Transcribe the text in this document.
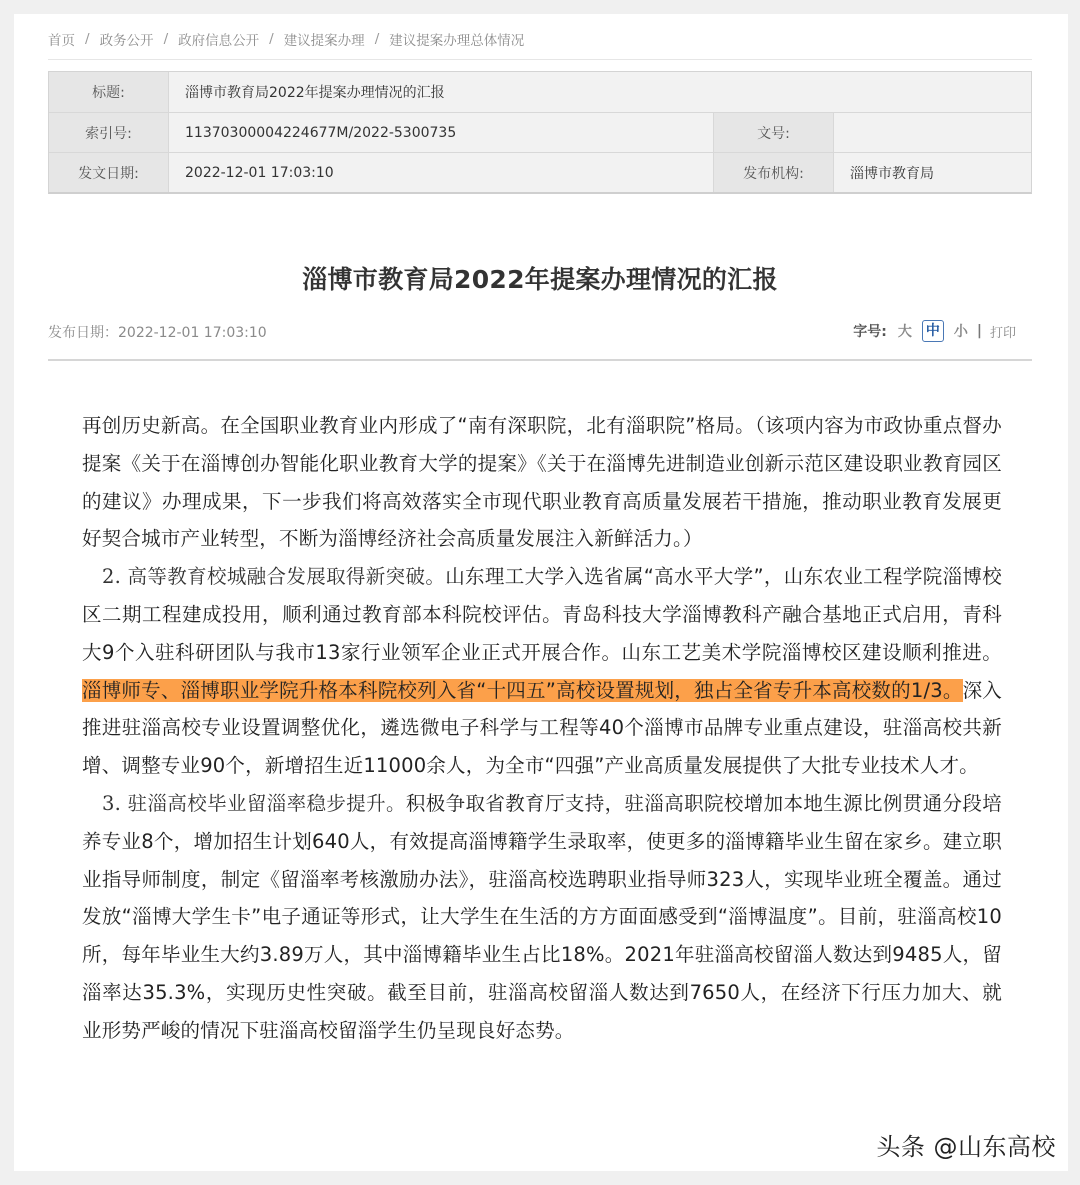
首页 / 政务公开 / 政府信息公开 / 建议提案办理 / 建议提案办理总体情况
标题:	淄博市教育局2022年提案办理情况的汇报
索引号:	11370300004224677M/2022-5300735	文号:
发文日期:	2022-12-01 17:03:10	发布机构:	淄博市教育局
淄博市教育局2022年提案办理情况的汇报
发布日期：2022-12-01 17:03:10	字号: 大 中 小 | 打印

再创历史新高。在全国职业教育业内形成了“南有深职院，北有淄职院”格局。（该项内容为市政协重点督办提案《关于在淄博创办智能化职业教育大学的提案》《关于在淄博先进制造业创新示范区建设职业教育园区的建议》办理成果，下一步我们将高效落实全市现代职业教育高质量发展若干措施，推动职业教育发展更好契合城市产业转型，不断为淄博经济社会高质量发展注入新鲜活力。）

2. 高等教育校城融合发展取得新突破。山东理工大学入选省属“高水平大学”，山东农业工程学院淄博校区二期工程建成投用，顺利通过教育部本科院校评估。青岛科技大学淄博教科产融合基地正式启用，青科大9个入驻科研团队与我市13家行业领军企业正式开展合作。山东工艺美术学院淄博校区建设顺利推进。淄博师专、淄博职业学院升格本科院校列入省“十四五”高校设置规划，独占全省专升本高校数的1/3。深入推进驻淄高校专业设置调整优化，遴选微电子科学与工程等40个淄博市品牌专业重点建设，驻淄高校共新增、调整专业90个，新增招生近11000余人，为全市“四强”产业高质量发展提供了大批专业技术人才。

3. 驻淄高校毕业留淄率稳步提升。积极争取省教育厅支持，驻淄高职院校增加本地生源比例贯通分段培养专业8个，增加招生计划640人，有效提高淄博籍学生录取率，使更多的淄博籍毕业生留在家乡。建立职业指导师制度，制定《留淄率考核激励办法》，驻淄高校选聘职业指导师323人，实现毕业班全覆盖。通过发放“淄博大学生卡”电子通证等形式，让大学生在生活的方方面面感受到“淄博温度”。目前，驻淄高校10所，每年毕业生大约3.89万人，其中淄博籍毕业生占比18%。2021年驻淄高校留淄人数达到9485人，留淄率达35.3%，实现历史性突破。截至目前，驻淄高校留淄人数达到7650人，在经济下行压力加大、就业形势严峻的情况下驻淄高校留淄学生仍呈现良好态势。

头条 @山东高校
